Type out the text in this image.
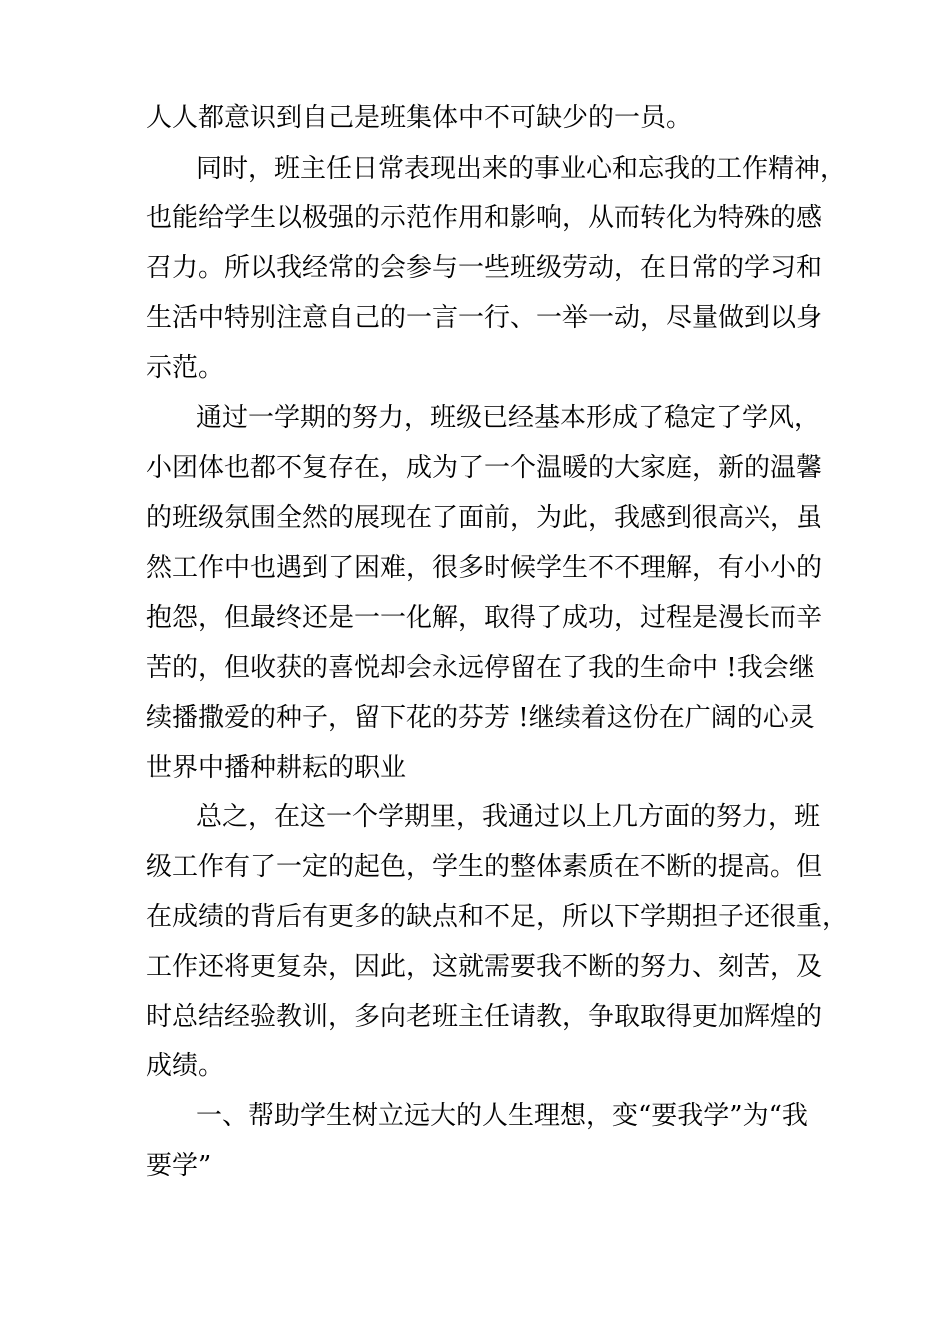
人人都意识到自己是班集体中不可缺少的一员。
同时，班主任日常表现出来的事业心和忘我的工作精神，
也能给学生以极强的示范作用和影响，从而转化为特殊的感
召力。所以我经常的会参与一些班级劳动，在日常的学习和
生活中特别注意自己的一言一行、一举一动，尽量做到以身
示范。
通过一学期的努力，班级已经基本形成了稳定了学风，
小团体也都不复存在，成为了一个温暖的大家庭，新的温馨
的班级氛围全然的展现在了面前，为此，我感到很高兴，虽
然工作中也遇到了困难，很多时候学生不不理解，有小小的
抱怨，但最终还是一一化解，取得了成功，过程是漫长而辛
苦的，但收获的喜悦却会永远停留在了我的生命中 !我会继
续播撒爱的种子，留下花的芬芳 !继续着这份在广阔的心灵
世界中播种耕耘的职业
总之，在这一个学期里，我通过以上几方面的努力，班
级工作有了一定的起色，学生的整体素质在不断的提高。但
在成绩的背后有更多的缺点和不足，所以下学期担子还很重，
工作还将更复杂，因此，这就需要我不断的努力、刻苦，及
时总结经验教训，多向老班主任请教，争取取得更加辉煌的
成绩。
一、帮助学生树立远大的人生理想，变“要我学”为“我
要学”
